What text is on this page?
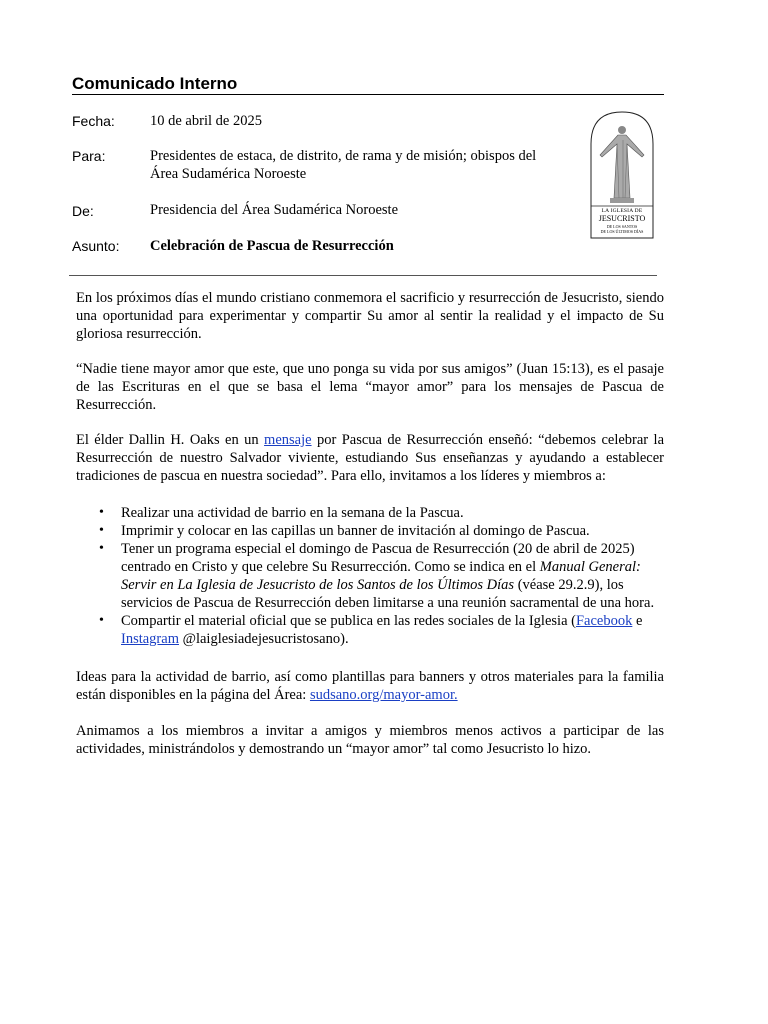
Comunicado Interno
Fecha: 10 de abril de 2025
Para:	Presidentes de estaca, de distrito, de rama y de misión; obispos del Área Sudamérica Noroeste
De:	Presidencia del Área Sudamérica Noroeste
Asunto: Celebración de Pascua de Resurrección
LA IGLESIA DE
JESUCRISTO
DE LOS SANTOS
DE LOS ÚLTIMOS DÍAS
En los próximos días el mundo cristiano conmemora el sacrificio y resurrección de Jesucristo, siendo una oportunidad para experimentar y compartir Su amor al sentir la realidad y el impacto de Su gloriosa resurrección.
“Nadie tiene mayor amor que este, que uno ponga su vida por sus amigos” (Juan 15:13), es el pasaje de las Escrituras en el que se basa el lema “mayor amor” para los mensajes de Pascua de Resurrección.
El élder Dallin H. Oaks en un mensaje por Pascua de Resurrección enseñó: “debemos celebrar la Resurrección de nuestro Salvador viviente, estudiando Sus enseñanzas y ayudando a establecer tradiciones de pascua en nuestra sociedad”. Para ello, invitamos a los líderes y miembros a:
• Realizar una actividad de barrio en la semana de la Pascua.
• Imprimir y colocar en las capillas un banner de invitación al domingo de Pascua.
• Tener un programa especial el domingo de Pascua de Resurrección (20 de abril de 2025) centrado en Cristo y que celebre Su Resurrección. Como se indica en el Manual General: Servir en La Iglesia de Jesucristo de los Santos de los Últimos Días (véase 29.2.9), los servicios de Pascua de Resurrección deben limitarse a una reunión sacramental de una hora.
• Compartir el material oficial que se publica en las redes sociales de la Iglesia (Facebook e Instagram @laiglesiadejesucristosano).
Ideas para la actividad de barrio, así como plantillas para banners y otros materiales para la familia están disponibles en la página del Área: sudsano.org/mayor-amor.
Animamos a los miembros a invitar a amigos y miembros menos activos a participar de las actividades, ministrándolos y demostrando un “mayor amor” tal como Jesucristo lo hizo.
